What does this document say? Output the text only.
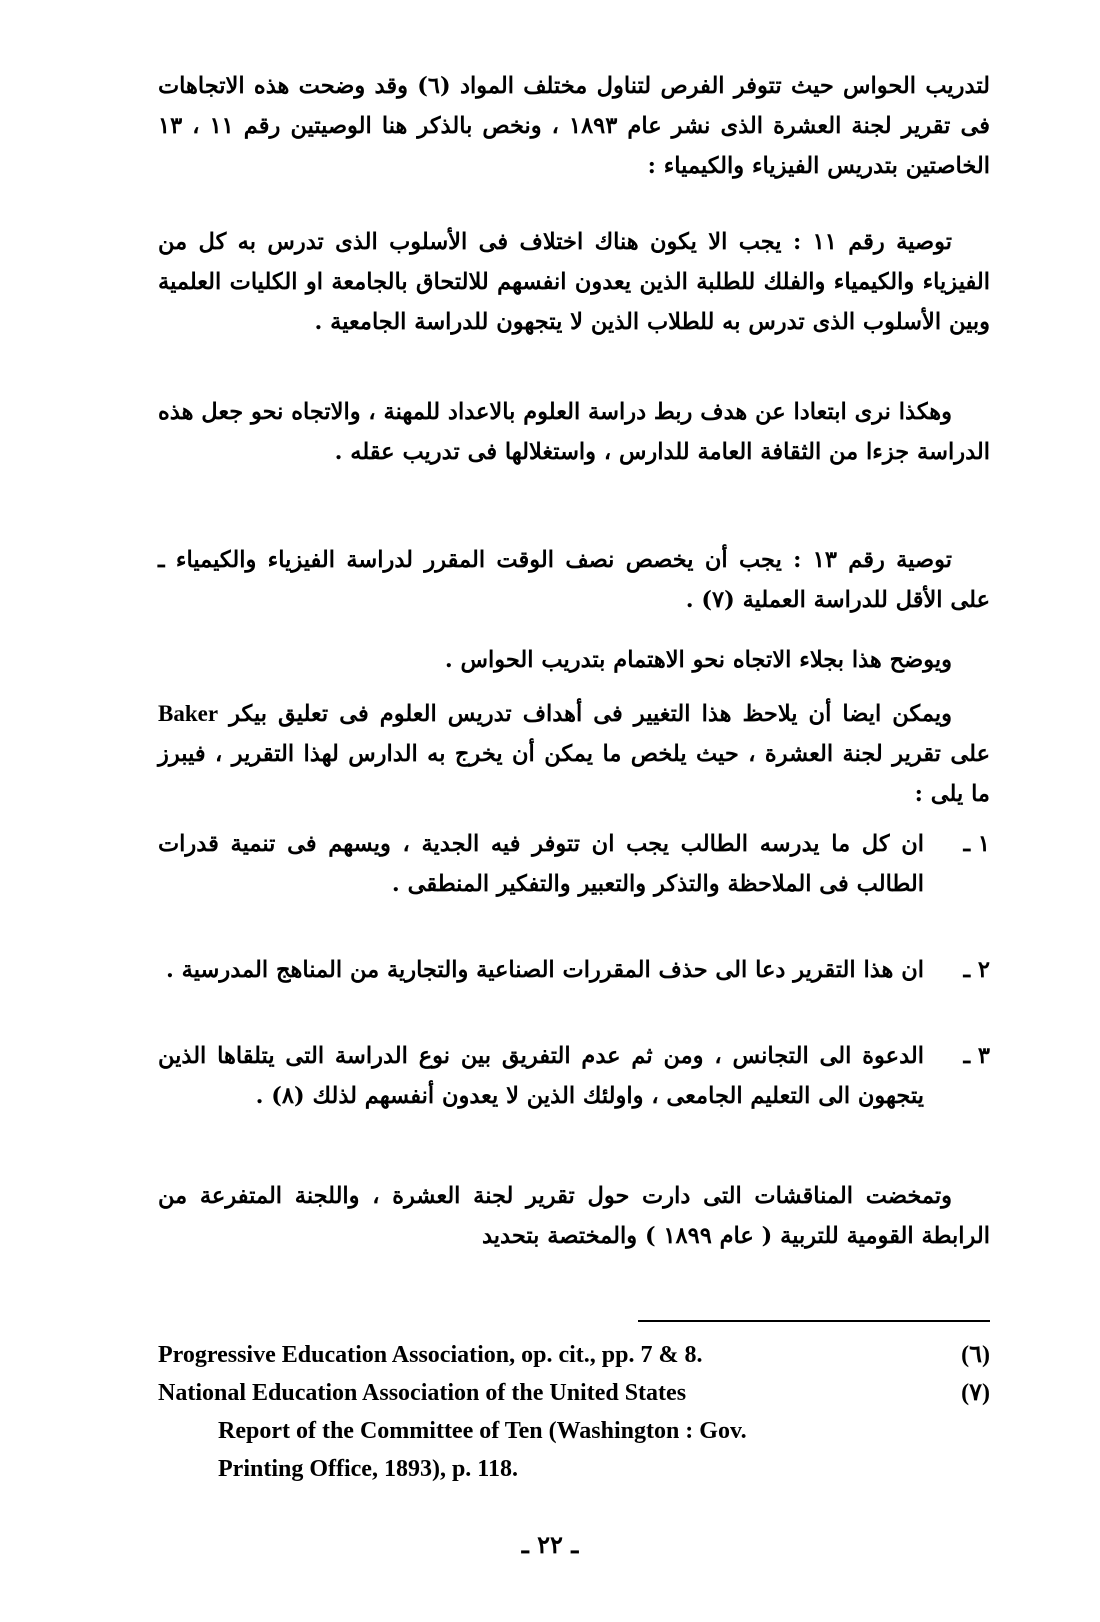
لتدريب الحواس حيث تتوفر الفرص لتناول مختلف المواد (٦) وقد وضحت هذه الاتجاهات فى تقرير لجنة العشرة الذى نشر عام ١٨٩٣ ، ونخص بالذكر هنا الوصيتين رقم ١١ ، ١٣ الخاصتين بتدريس الفيزياء والكيمياء :

توصية رقم ١١ : يجب الا يكون هناك اختلاف فى الأسلوب الذى تدرس به كل من الفيزياء والكيمياء والفلك للطلبة الذين يعدون انفسهم للالتحاق بالجامعة او الكليات العلمية وبين الأسلوب الذى تدرس به للطلاب الذين لا يتجهون للدراسة الجامعية .

وهكذا نرى ابتعادا عن هدف ربط دراسة العلوم بالاعداد للمهنة ، والاتجاه نحو جعل هذه الدراسة جزءا من الثقافة العامة للدارس ، واستغلالها فى تدريب عقله .

توصية رقم ١٣ : يجب أن يخصص نصف الوقت المقرر لدراسة الفيزياء والكيمياء ـ على الأقل للدراسة العملية (٧) .

ويوضح هذا بجلاء الاتجاه نحو الاهتمام بتدريب الحواس .

ويمكن ايضا أن يلاحظ هذا التغيير فى أهداف تدريس العلوم فى تعليق بيكر Baker على تقرير لجنة العشرة ، حيث يلخص ما يمكن أن يخرج به الدارس لهذا التقرير ، فيبرز ما يلى :

١ ـ
ان كل ما يدرسه الطالب يجب ان تتوفر فيه الجدية ، ويسهم فى تنمية قدرات الطالب فى الملاحظة والتذكر والتعبير والتفكير المنطقى .
٢ ـ
ان هذا التقرير دعا الى حذف المقررات الصناعية والتجارية من المناهج المدرسية .
٣ ـ
الدعوة الى التجانس ، ومن ثم عدم التفريق بين نوع الدراسة التى يتلقاها الذين يتجهون الى التعليم الجامعى ، واولئك الذين لا يعدون أنفسهم لذلك (٨) .

وتمخضت المناقشات التى دارت حول تقرير لجنة العشرة ، واللجنة المتفرعة من الرابطة القومية للتربية ( عام ١٨٩٩ ) والمختصة بتحديد

(٦)
Progressive Education Association, op. cit., pp. 7 & 8.
(٧)
National Education Association of the United States
Report of the Committee of Ten (Washington : Gov.
Printing Office, 1893), p. 118.
ـ ٢٢ ـ
